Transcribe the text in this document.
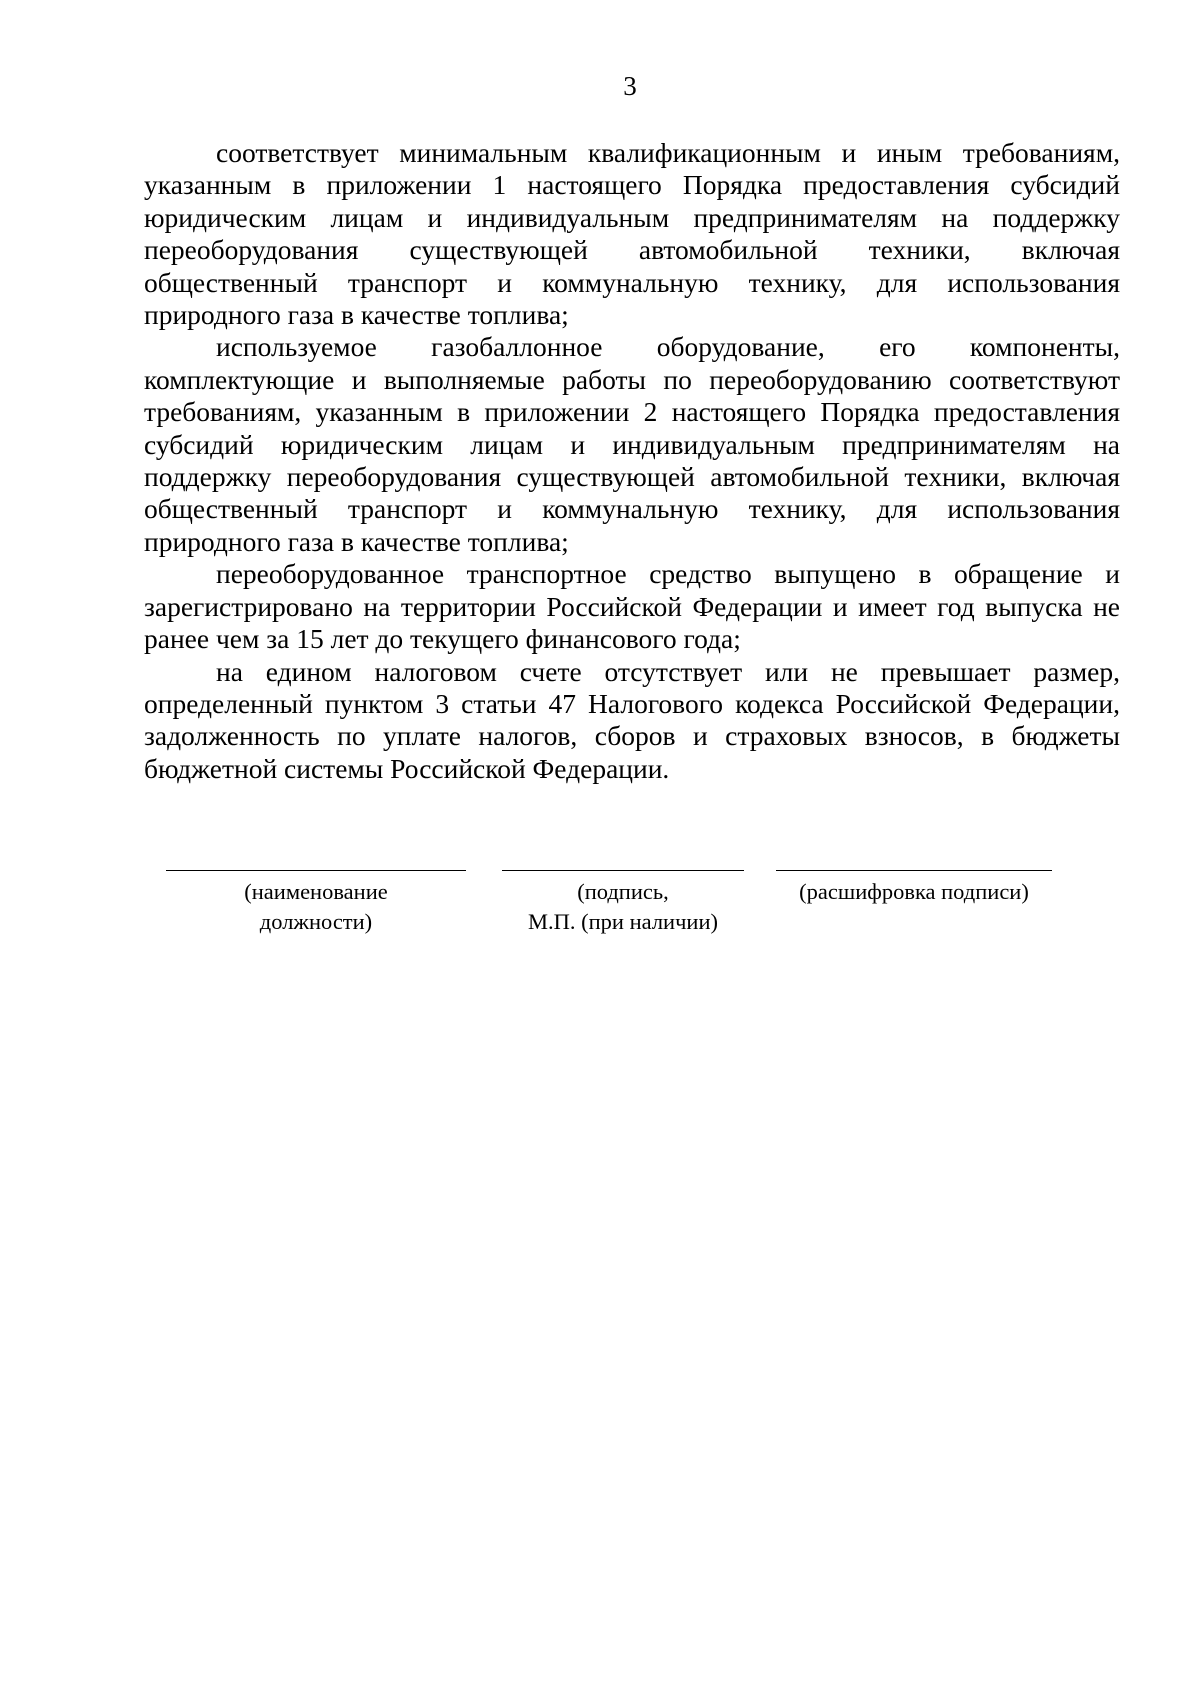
3

соответствует минимальным квалификационным и иным требованиям, указанным в приложении 1 настоящего Порядка предоставления субсидий юридическим лицам и индивидуальным предпринимателям на поддержку переоборудования существующей автомобильной техники, включая общественный транспорт и коммунальную технику, для использования природного газа в качестве топлива;

используемое газобаллонное оборудование, его компоненты, комплектующие и выполняемые работы по переоборудованию соответствуют требованиям, указанным в приложении 2 настоящего Порядка предоставления субсидий юридическим лицам и индивидуальным предпринимателям на поддержку переоборудования существующей автомобильной техники, включая общественный транспорт и коммунальную технику, для использования природного газа в качестве топлива;

переоборудованное транспортное средство выпущено в обращение и зарегистрировано на территории Российской Федерации и имеет год выпуска не ранее чем за 15 лет до текущего финансового года;

на едином налоговом счете отсутствует или не превышает размер, определенный пунктом 3 статьи 47 Налогового кодекса Российской Федерации, задолженность по уплате налогов, сборов и страховых взносов, в бюджеты бюджетной системы Российской Федерации.

(наименование
должности)
(подпись,
М.П. (при наличии)
(расшифровка подписи)
